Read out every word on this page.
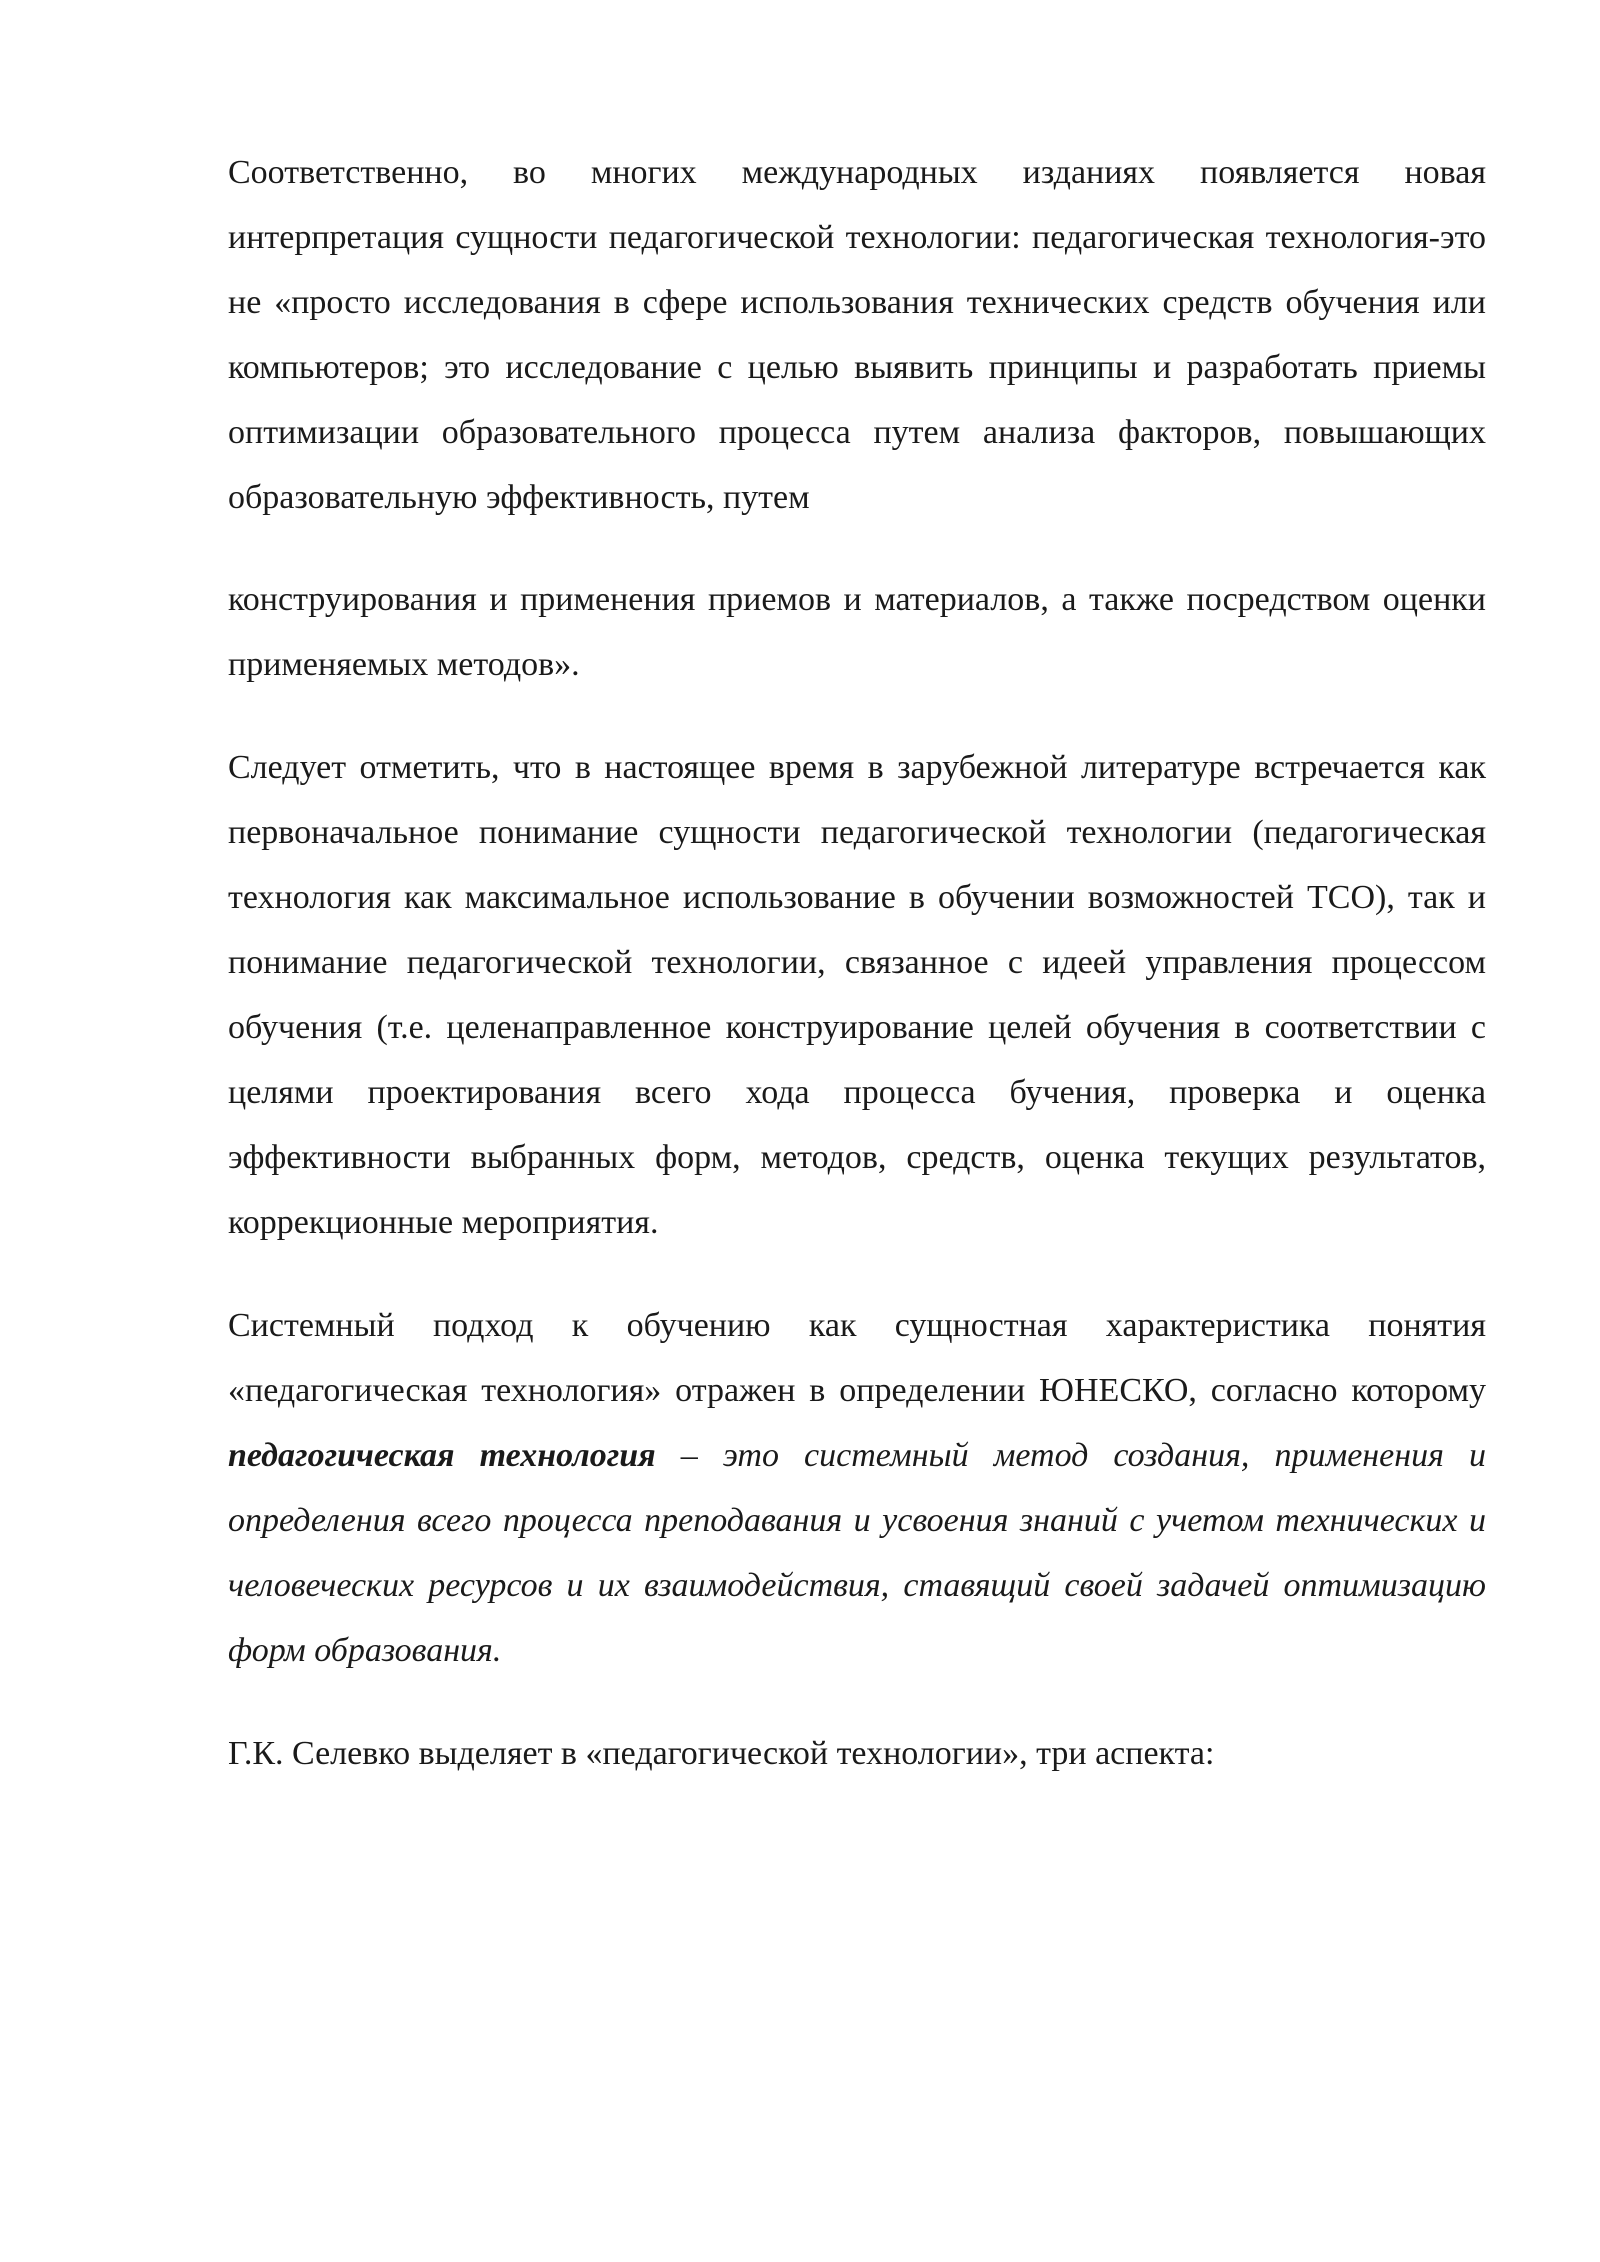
Соответственно, во многих международных изданиях появляется новая интерпретация сущности педагогической технологии: педагогическая технология-это не «просто исследования в сфере использования технических средств обучения или компьютеров; это исследование с целью выявить принципы и разработать приемы оптимизации образовательного процесса путем анализа факторов, повышающих образовательную эффективность, путем

конструирования и применения приемов и материалов, а также посредством оценки применяемых методов».

Следует отметить, что в настоящее время в зарубежной литературе встречается как первоначальное понимание сущности педагогической технологии (педагогическая технология как максимальное использование в обучении возможностей ТСО), так и понимание педагогической технологии, связанное с идеей управления процессом обучения (т.е. целенаправленное конструирование целей обучения в соответствии с целями проектирования всего хода процесса бучения, проверка и оценка эффективности выбранных форм, методов, средств, оценка текущих результатов, коррекционные мероприятия.

Системный подход к обучению как сущностная характеристика понятия «педагогическая технология» отражен в определении ЮНЕСКО, согласно которому педагогическая технология – это системный метод создания, применения и определения всего процесса преподавания и усвоения знаний с учетом технических и человеческих ресурсов и их взаимодействия, ставящий своей задачей оптимизацию форм образования.

Г.К. Селевко выделяет в «педагогической технологии», три аспекта:
